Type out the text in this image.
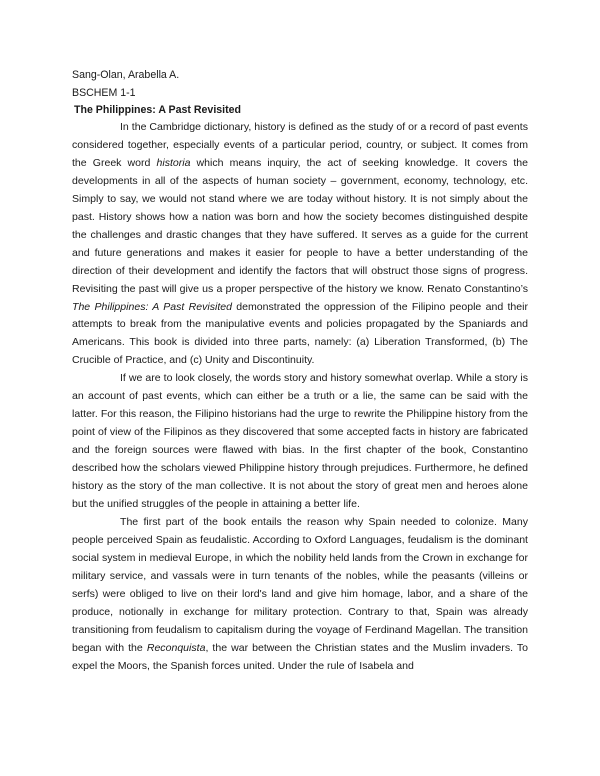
Sang-Olan, Arabella A.
BSCHEM 1-1
The Philippines: A Past Revisited

In the Cambridge dictionary, history is defined as the study of or a record of past events considered together, especially events of a particular period, country, or subject. It comes from the Greek word historia which means inquiry, the act of seeking knowledge. It covers the developments in all of the aspects of human society – government, economy, technology, etc. Simply to say, we would not stand where we are today without history. It is not simply about the past. History shows how a nation was born and how the society becomes distinguished despite the challenges and drastic changes that they have suffered. It serves as a guide for the current and future generations and makes it easier for people to have a better understanding of the direction of their development and identify the factors that will obstruct those signs of progress. Revisiting the past will give us a proper perspective of the history we know. Renato Constantino’s The Philippines: A Past Revisited demonstrated the oppression of the Filipino people and their attempts to break from the manipulative events and policies propagated by the Spaniards and Americans. This book is divided into three parts, namely: (a) Liberation Transformed, (b) The Crucible of Practice, and (c) Unity and Discontinuity.

If we are to look closely, the words story and history somewhat overlap. While a story is an account of past events, which can either be a truth or a lie, the same can be said with the latter. For this reason, the Filipino historians had the urge to rewrite the Philippine history from the point of view of the Filipinos as they discovered that some accepted facts in history are fabricated and the foreign sources were flawed with bias. In the first chapter of the book, Constantino described how the scholars viewed Philippine history through prejudices. Furthermore, he defined history as the story of the man collective. It is not about the story of great men and heroes alone but the unified struggles of the people in attaining a better life.

The first part of the book entails the reason why Spain needed to colonize. Many people perceived Spain as feudalistic. According to Oxford Languages, feudalism is the dominant social system in medieval Europe, in which the nobility held lands from the Crown in exchange for military service, and vassals were in turn tenants of the nobles, while the peasants (villeins or serfs) were obliged to live on their lord's land and give him homage, labor, and a share of the produce, notionally in exchange for military protection. Contrary to that, Spain was already transitioning from feudalism to capitalism during the voyage of Ferdinand Magellan. The transition began with the Reconquista, the war between the Christian states and the Muslim invaders. To expel the Moors, the Spanish forces united. Under the rule of Isabela and
